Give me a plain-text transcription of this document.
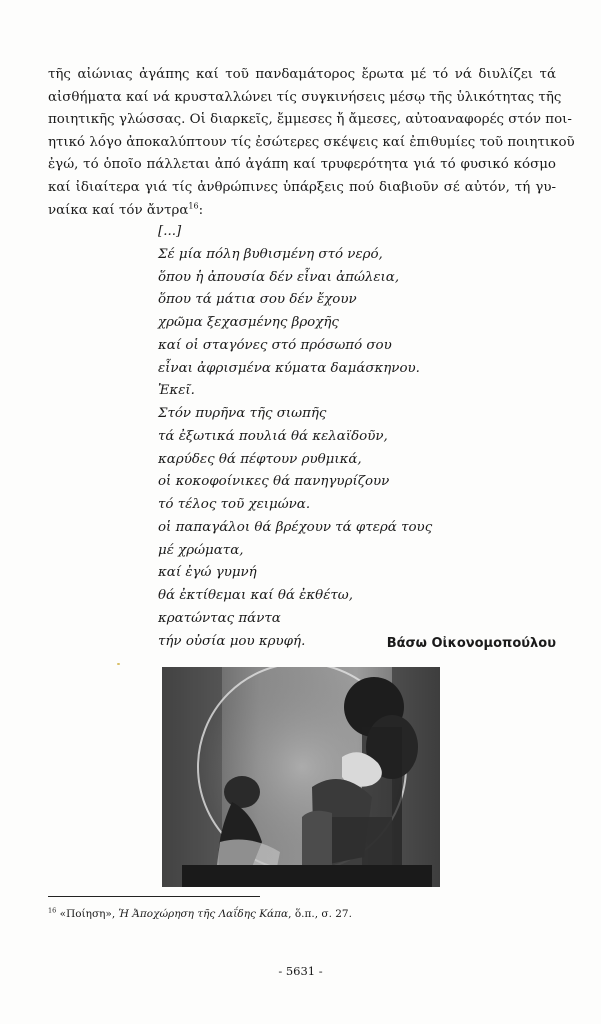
τῆς αἰώνιας ἀγάπης καί τοῦ πανδαμάτορος ἔρωτα μέ τό νά διυλίζει τά
αἰσθήματα καί νά κρυσταλλώνει τίς συγκινήσεις μέσῳ τῆς ὑλικότητας τῆς
ποιητικῆς γλώσσας. Οἱ διαρκεῖς, ἔμμεσες ἤ ἄμεσες, αὐτοαναφορές στόν ποι-
ητικό λόγο ἀποκαλύπτουν τίς ἐσώτερες σκέψεις καί ἐπιθυμίες τοῦ ποιητικοῦ
ἐγώ, τό ὁποῖο πάλλεται ἀπό ἀγάπη καί τρυφερότητα γιά τό φυσικό κόσμο
καί ἰδιαίτερα γιά τίς ἀνθρώπινες ὑπάρξεις πού διαβιοῦν σέ αὐτόν, τή γυ-
ναίκα καί τόν ἄντρα$^{16}$:
[...]
Σέ μία πόλη βυθισμένη στό νερό,
ὅπου ἡ ἀπουσία δέν εἶναι ἀπώλεια,
ὅπου τά μάτια σου δέν ἔχουν
χρῶμα ξεχασμένης βροχῆς
καί οἱ σταγόνες στό πρόσωπό σου
εἶναι ἀφρισμένα κύματα δαμάσκηνου.
Ἐκεῖ.
Στόν πυρῆνα τῆς σιωπῆς
τά ἐξωτικά πουλιά θά κελαϊδοῦν,
καρύδες θά πέφτουν ρυθμικά,
οἱ κοκοφοίνικες θά πανηγυρίζουν
τό τέλος τοῦ χειμώνα.
οἱ παπαγάλοι θά βρέχουν τά φτερά τους
μέ χρώματα,
καί ἐγώ γυμνή
θά ἐκτίθεμαι καί θά ἐκθέτω,
κρατώντας πάντα
τήν οὐσία μου κρυφή.	Βάσω Οἰκονομοπούλου
$^{16}$ «Ποίηση», Ἡ Ἀποχώρηση τῆς Λαΐδης Κάπα, ὅ.π., σ. 27.
- 5631 -
